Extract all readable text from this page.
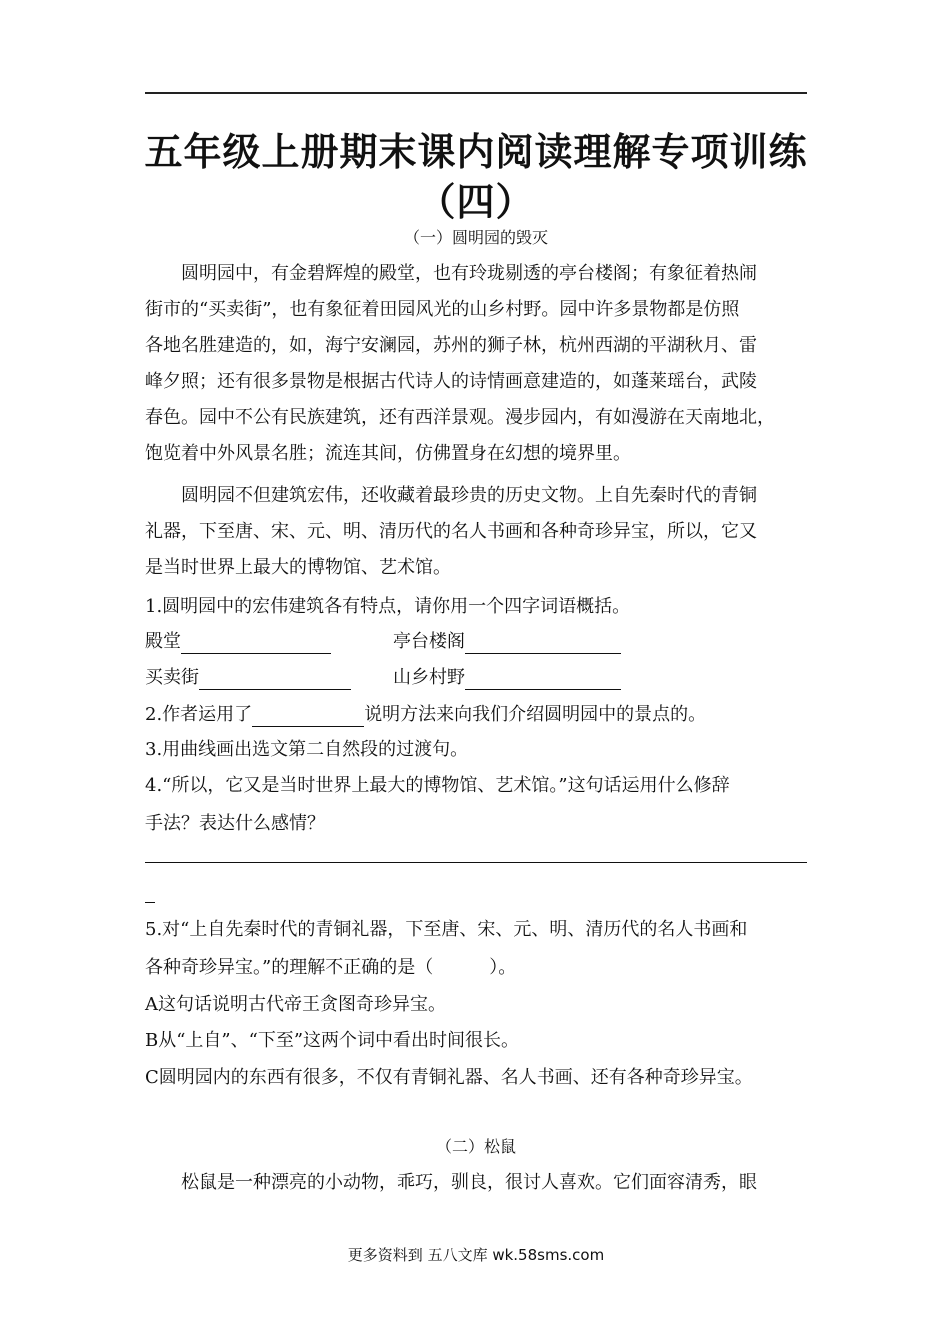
五年级上册期末课内阅读理解专项训练
（四）
（一）圆明园的毁灭
圆明园中，有金碧辉煌的殿堂，也有玲珑剔透的亭台楼阁；有象征着热闹
街市的“买卖街”，也有象征着田园风光的山乡村野。园中许多景物都是仿照
各地名胜建造的，如，海宁安澜园，苏州的狮子林，杭州西湖的平湖秋月、雷
峰夕照；还有很多景物是根据古代诗人的诗情画意建造的，如蓬莱瑶台，武陵
春色。园中不公有民族建筑，还有西洋景观。漫步园内，有如漫游在天南地北，
饱览着中外风景名胜；流连其间，仿佛置身在幻想的境界里。
圆明园不但建筑宏伟，还收藏着最珍贵的历史文物。上自先秦时代的青铜
礼器，下至唐、宋、元、明、清历代的名人书画和各种奇珍异宝，所以，它又
是当时世界上最大的博物馆、艺术馆。
1.圆明园中的宏伟建筑各有特点，请你用一个四字词语概括。
殿堂	亭台楼阁
买卖街	山乡村野
2.作者运用了	说明方法来向我们介绍圆明园中的景点的。
3.用曲线画出选文第二自然段的过渡句。
4.“所以，它又是当时世界上最大的博物馆、艺术馆。”这句话运用什么修辞
手法？表达什么感情？
5.对“上自先秦时代的青铜礼器，下至唐、宋、元、明、清历代的名人书画和
各种奇珍异宝。”的理解不正确的是（	）。
A这句话说明古代帝王贪图奇珍异宝。
B从“上自”、“下至”这两个词中看出时间很长。
C圆明园内的东西有很多，不仅有青铜礼器、名人书画、还有各种奇珍异宝。
（二）松鼠
松鼠是一种漂亮的小动物，乖巧，驯良，很讨人喜欢。它们面容清秀，眼
更多资料到 五八文库 wk.58sms.com
